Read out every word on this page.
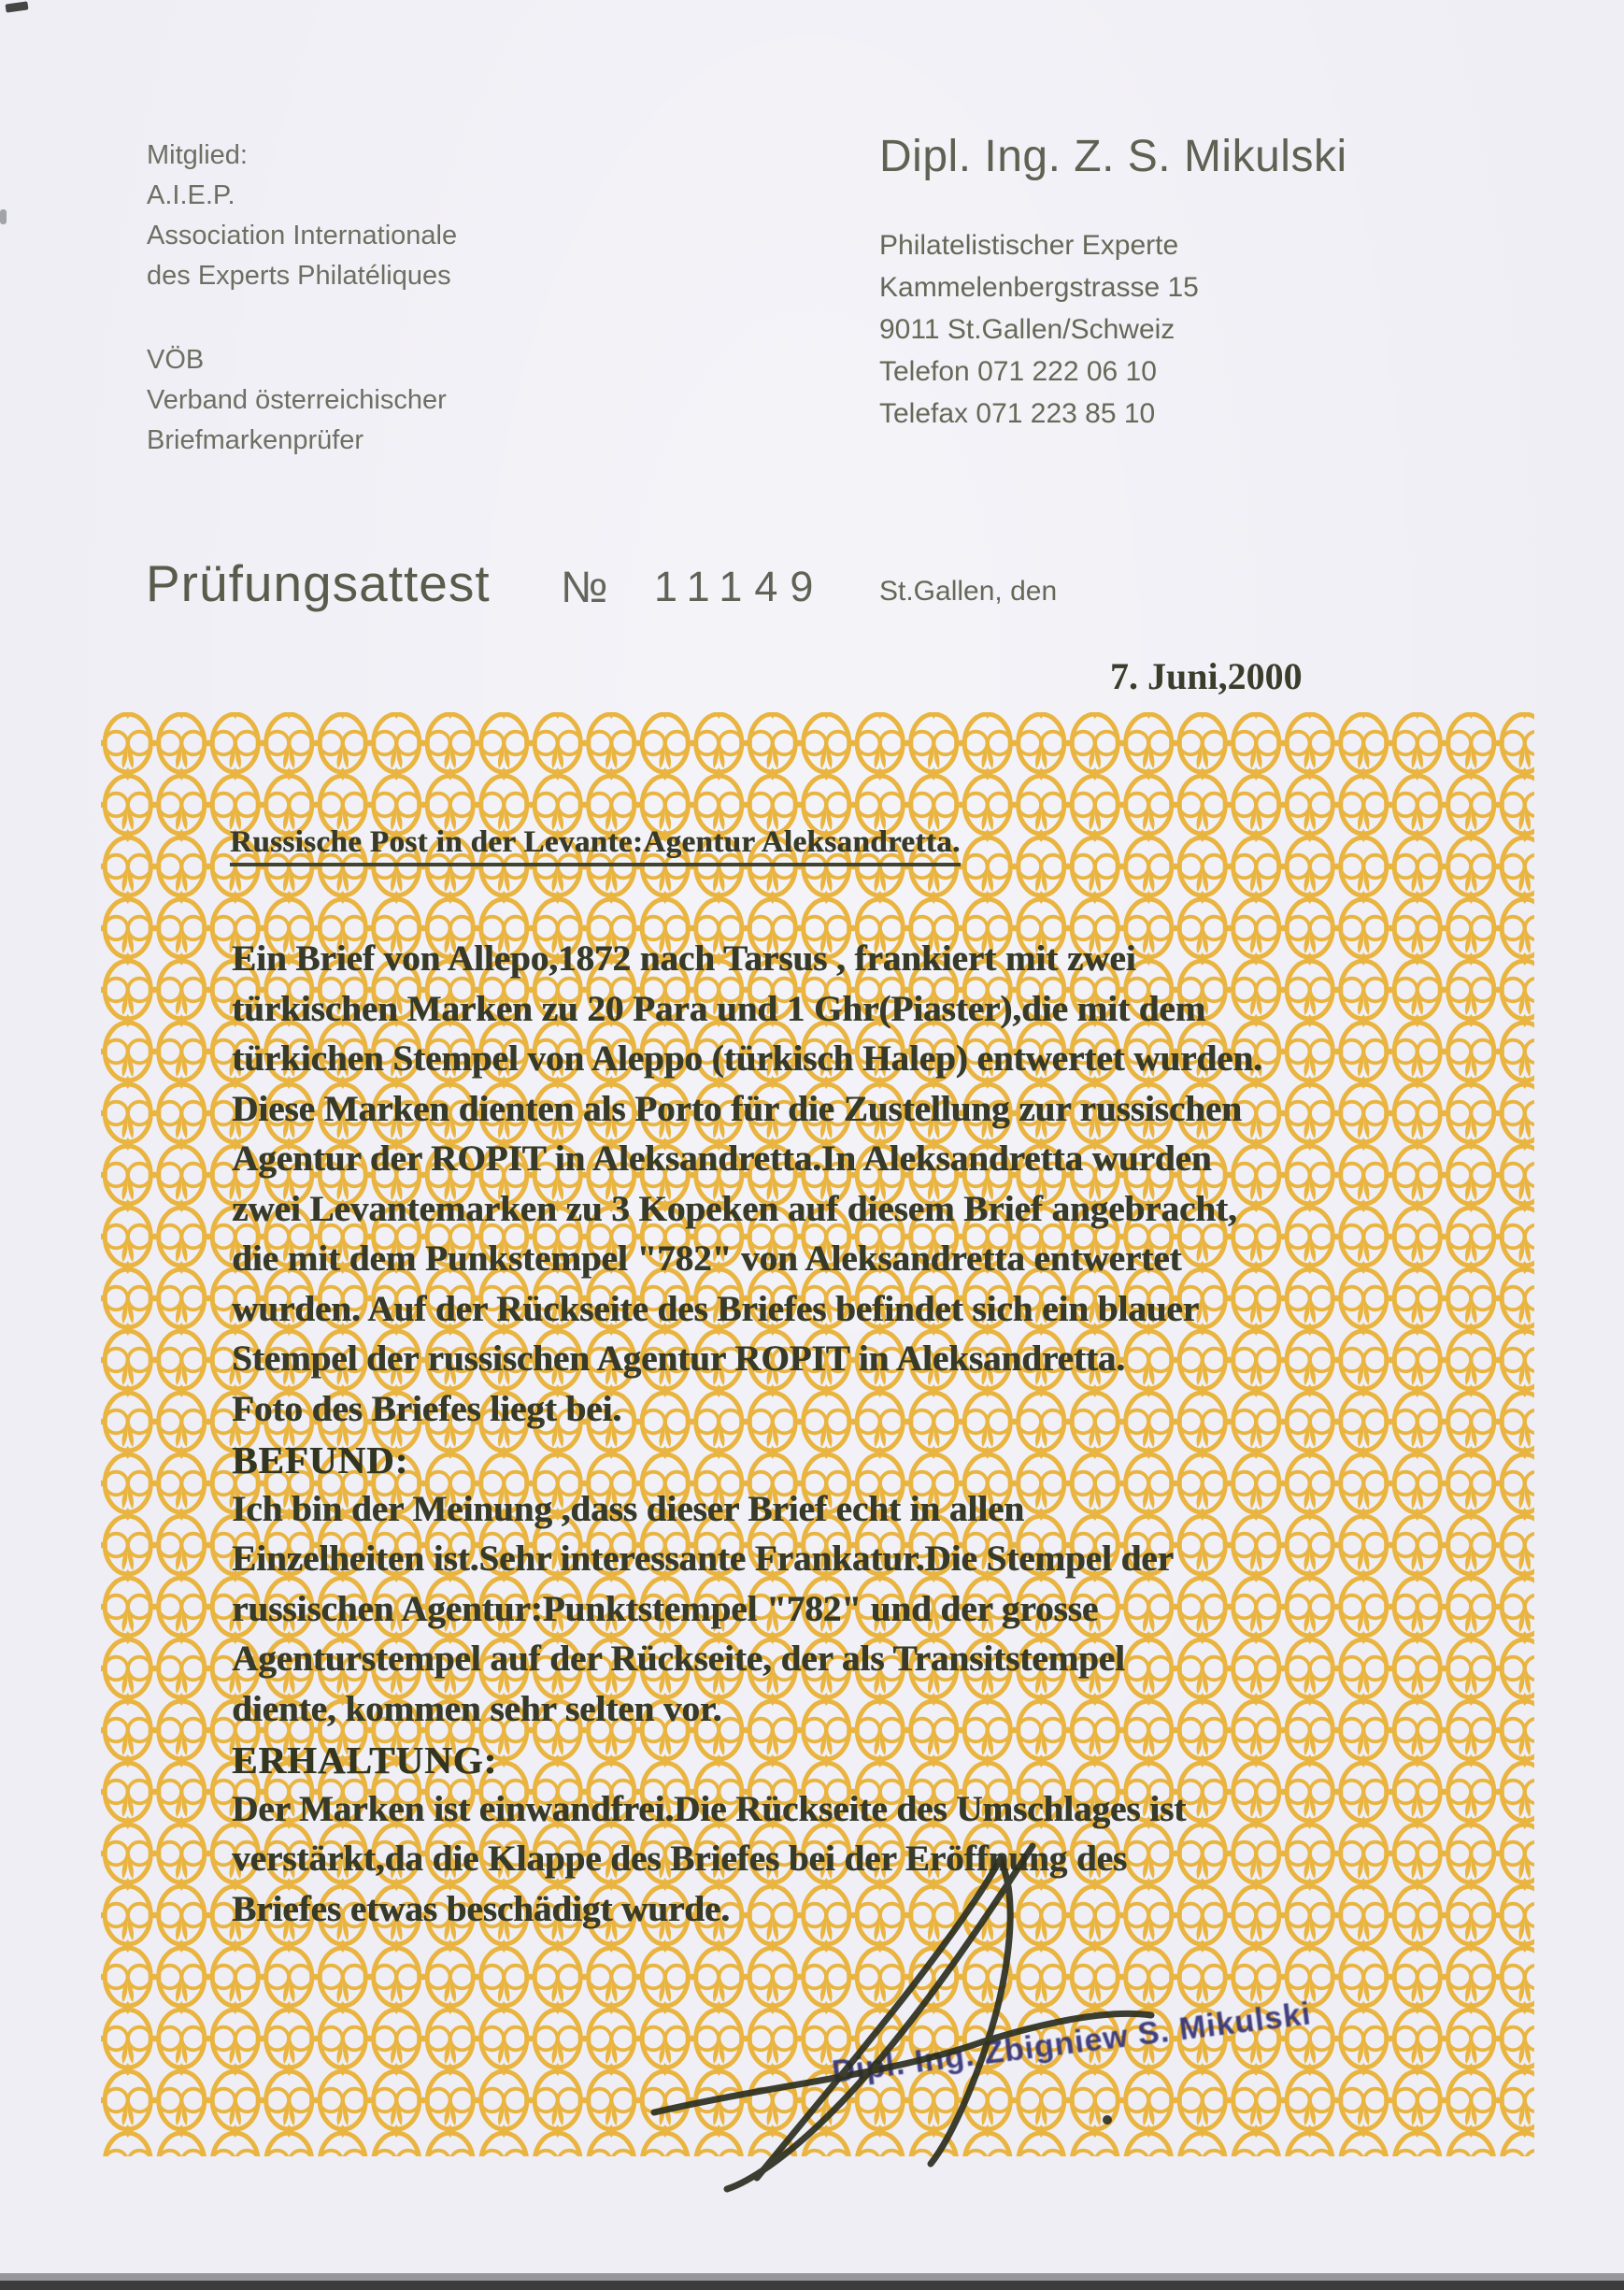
Mitglied:
A.I.E.P.
Association Internationale
des Experts Philatéliques
VÖB
Verband österreichischer
Briefmarkenprüfer
Dipl. Ing. Z. S. Mikulski
Philatelistischer Experte
Kammelenbergstrasse 15
9011 St.Gallen/Schweiz
Telefon 071 222 06 10
Telefax 071 223 85 10
Prüfungsattest № 11149 St.Gallen, den
7. Juni,2000
Russische Post in der Levante:Agentur Aleksandretta.
Ein Brief von Allepo,1872 nach Tarsus , frankiert mit zwei
türkischen Marken zu 20 Para und 1 Ghr(Piaster),die mit dem
türkichen Stempel von Aleppo (türkisch Halep) entwertet wurden.
Diese Marken dienten als Porto für die Zustellung zur russischen
Agentur der ROPIT in Aleksandretta.In Aleksandretta wurden
zwei Levantemarken zu 3 Kopeken auf diesem Brief angebracht,
die mit dem Punkstempel "782" von Aleksandretta entwertet
wurden. Auf der Rückseite des Briefes befindet sich ein blauer
Stempel der russischen Agentur ROPIT in Aleksandretta.
Foto des Briefes liegt bei.
BEFUND:
Ich bin der Meinung ,dass dieser Brief echt in allen
Einzelheiten ist.Sehr interessante Frankatur.Die Stempel der
russischen Agentur:Punktstempel "782" und der grosse
Agenturstempel auf der Rückseite, der als Transitstempel
diente, kommen sehr selten vor.
ERHALTUNG:
Der Marken ist einwandfrei.Die Rückseite des Umschlages ist
verstärkt,da die Klappe des Briefes bei der Eröffnung des
Briefes etwas beschädigt wurde.
Dipl. Ing. Zbigniew S. Mikulski
